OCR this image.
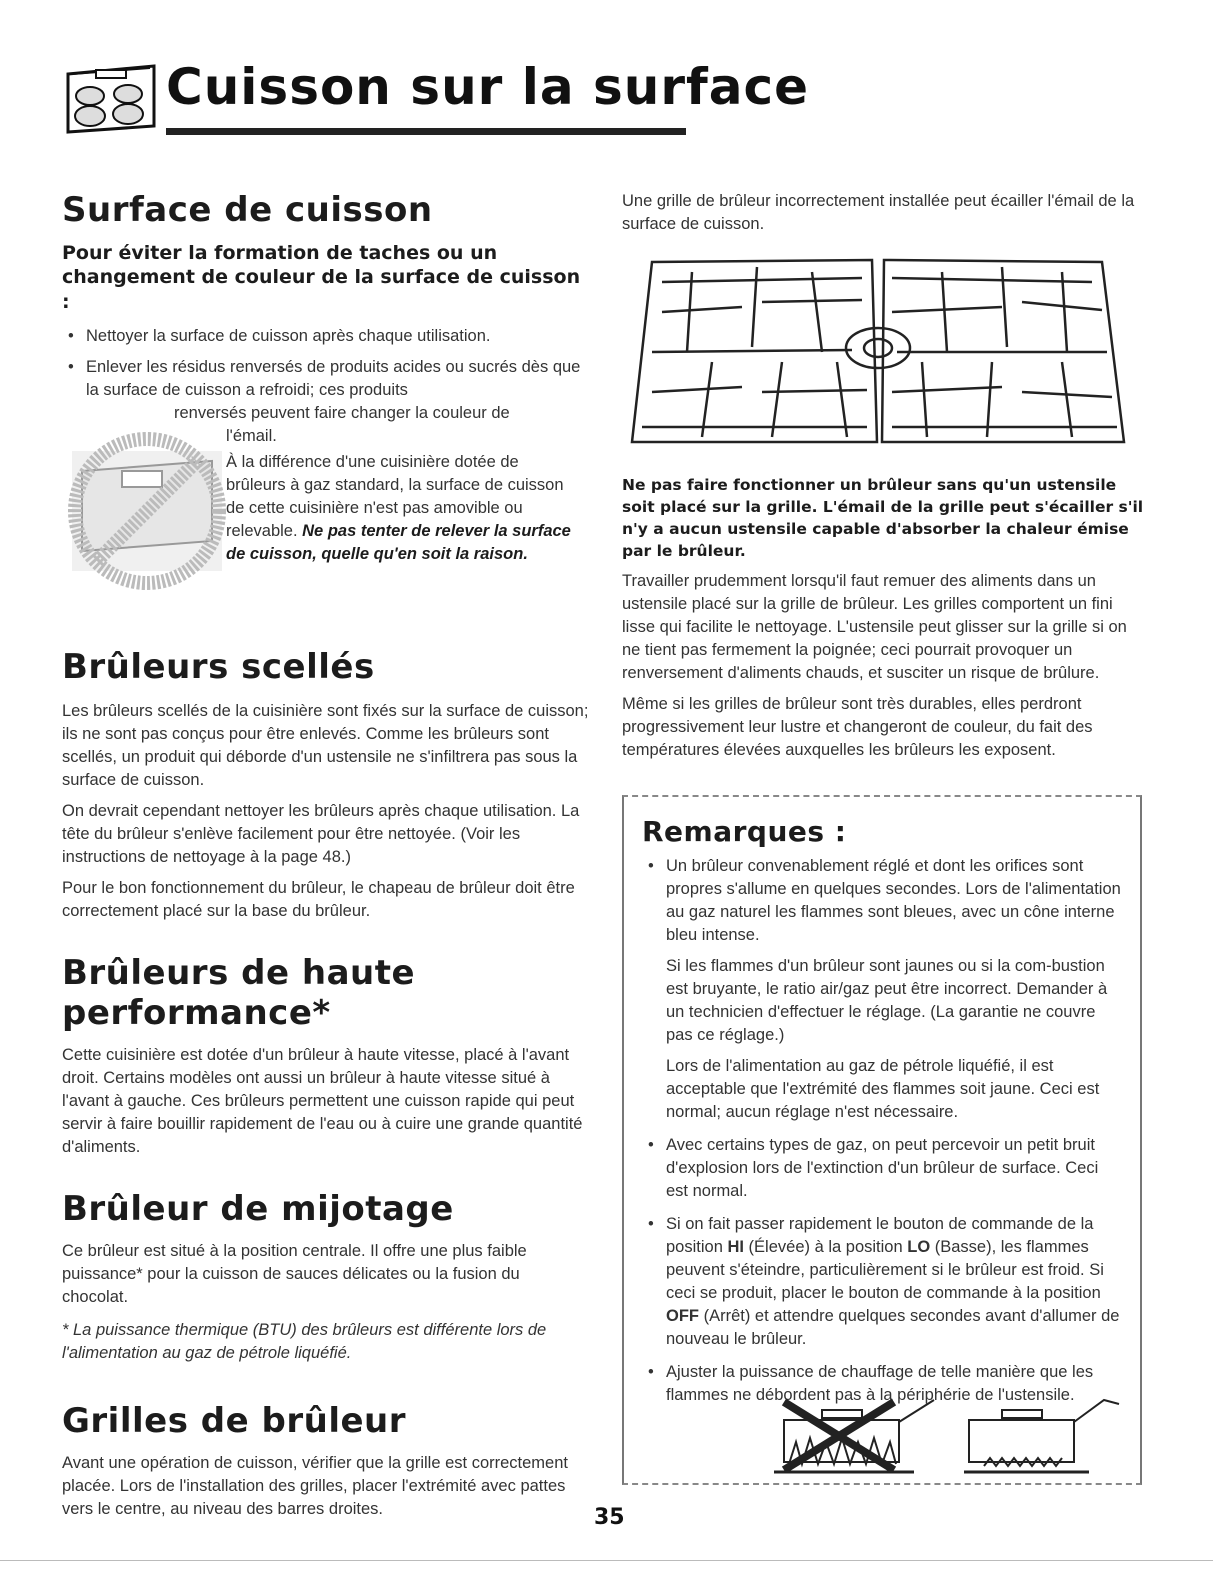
Cuisson sur la surface
Surface de cuisson
Pour éviter la formation de taches ou un changement de couleur de la surface de cuisson :
• Nettoyer la surface de cuisson après chaque utilisation.
• Enlever les résidus renversés de produits acides ou sucrés dès que la surface de cuisson a refroidi; ces produits
renversés peuvent faire changer la couleur de
l'émail.

À la différence d'une cuisinière dotée de brûleurs à gaz standard, la surface de cuisson de cette cuisinière n'est pas amovible ou relevable. Ne pas tenter de relever la surface de cuisson, quelle qu'en soit la raison.

Brûleurs scellés

Les brûleurs scellés de la cuisinière sont fixés sur la surface de cuisson; ils ne sont pas conçus pour être enlevés. Comme les brûleurs sont scellés, un produit qui déborde d'un ustensile ne s'infiltrera pas sous la surface de cuisson.

On devrait cependant nettoyer les brûleurs après chaque utilisation. La tête du brûleur s'enlève facilement pour être nettoyée. (Voir les instructions de nettoyage à la page 48.)

Pour le bon fonctionnement du brûleur, le chapeau de brûleur doit être correctement placé sur la base du brûleur.

Brûleurs de haute
performance*

Cette cuisinière est dotée d'un brûleur à haute vitesse, placé à l'avant droit. Certains modèles ont aussi un brûleur à haute vitesse situé à l'avant à gauche. Ces brûleurs permettent une cuisson rapide qui peut servir à faire bouillir rapidement de l'eau ou à cuire une grande quantité d'aliments.

Brûleur de mijotage

Ce brûleur est situé à la position centrale. Il offre une plus faible puissance* pour la cuisson de sauces délicates ou la fusion du chocolat.

* La puissance thermique (BTU) des brûleurs est différente lors de l'alimentation au gaz de pétrole liquéfié.

Grilles de brûleur

Avant une opération de cuisson, vérifier que la grille est correctement placée. Lors de l'installation des grilles, placer l'extrémité avec pattes vers le centre, au niveau des barres droites.

Une grille de brûleur incorrectement installée peut écailler l'émail de la surface de cuisson.

Ne pas faire fonctionner un brûleur sans qu'un ustensile soit placé sur la grille. L'émail de la grille peut s'écailler s'il n'y a aucun ustensile capable d'absorber la chaleur émise par le brûleur.

Travailler prudemment lorsqu'il faut remuer des aliments dans un ustensile placé sur la grille de brûleur. Les grilles comportent un fini lisse qui facilite le nettoyage. L'ustensile peut glisser sur la grille si on ne tient pas fermement la poignée; ceci pourrait provoquer un renversement d'aliments chauds, et susciter un risque de brûlure.

Même si les grilles de brûleur sont très durables, elles perdront progressivement leur lustre et changeront de couleur, du fait des températures élevées auxquelles les brûleurs les exposent.

Remarques :
• Un brûleur convenablement réglé et dont les orifices sont propres s'allume en quelques secondes. Lors de l'alimentation au gaz naturel les flammes sont bleues, avec un cône interne bleu intense.

Si les flammes d'un brûleur sont jaunes ou si la com-bustion est bruyante, le ratio air/gaz peut être incorrect. Demander à un technicien d'effectuer le réglage. (La garantie ne couvre pas ce réglage.)

Lors de l'alimentation au gaz de pétrole liquéfié, il est acceptable que l'extrémité des flammes soit jaune. Ceci est normal; aucun réglage n'est nécessaire.

• Avec certains types de gaz, on peut percevoir un petit bruit d'explosion lors de l'extinction d'un brûleur de surface. Ceci est normal.
• Si on fait passer rapidement le bouton de commande de la position HI (Élevée) à la position LO (Basse), les flammes peuvent s'éteindre, particulièrement si le brûleur est froid. Si ceci se produit, placer le bouton de commande à la position OFF (Arrêt) et attendre quelques secondes avant d'allumer de nouveau le brûleur.
• Ajuster la puissance de chauffage de telle manière que les flammes ne débordent pas à la périphérie de l'ustensile.
35
